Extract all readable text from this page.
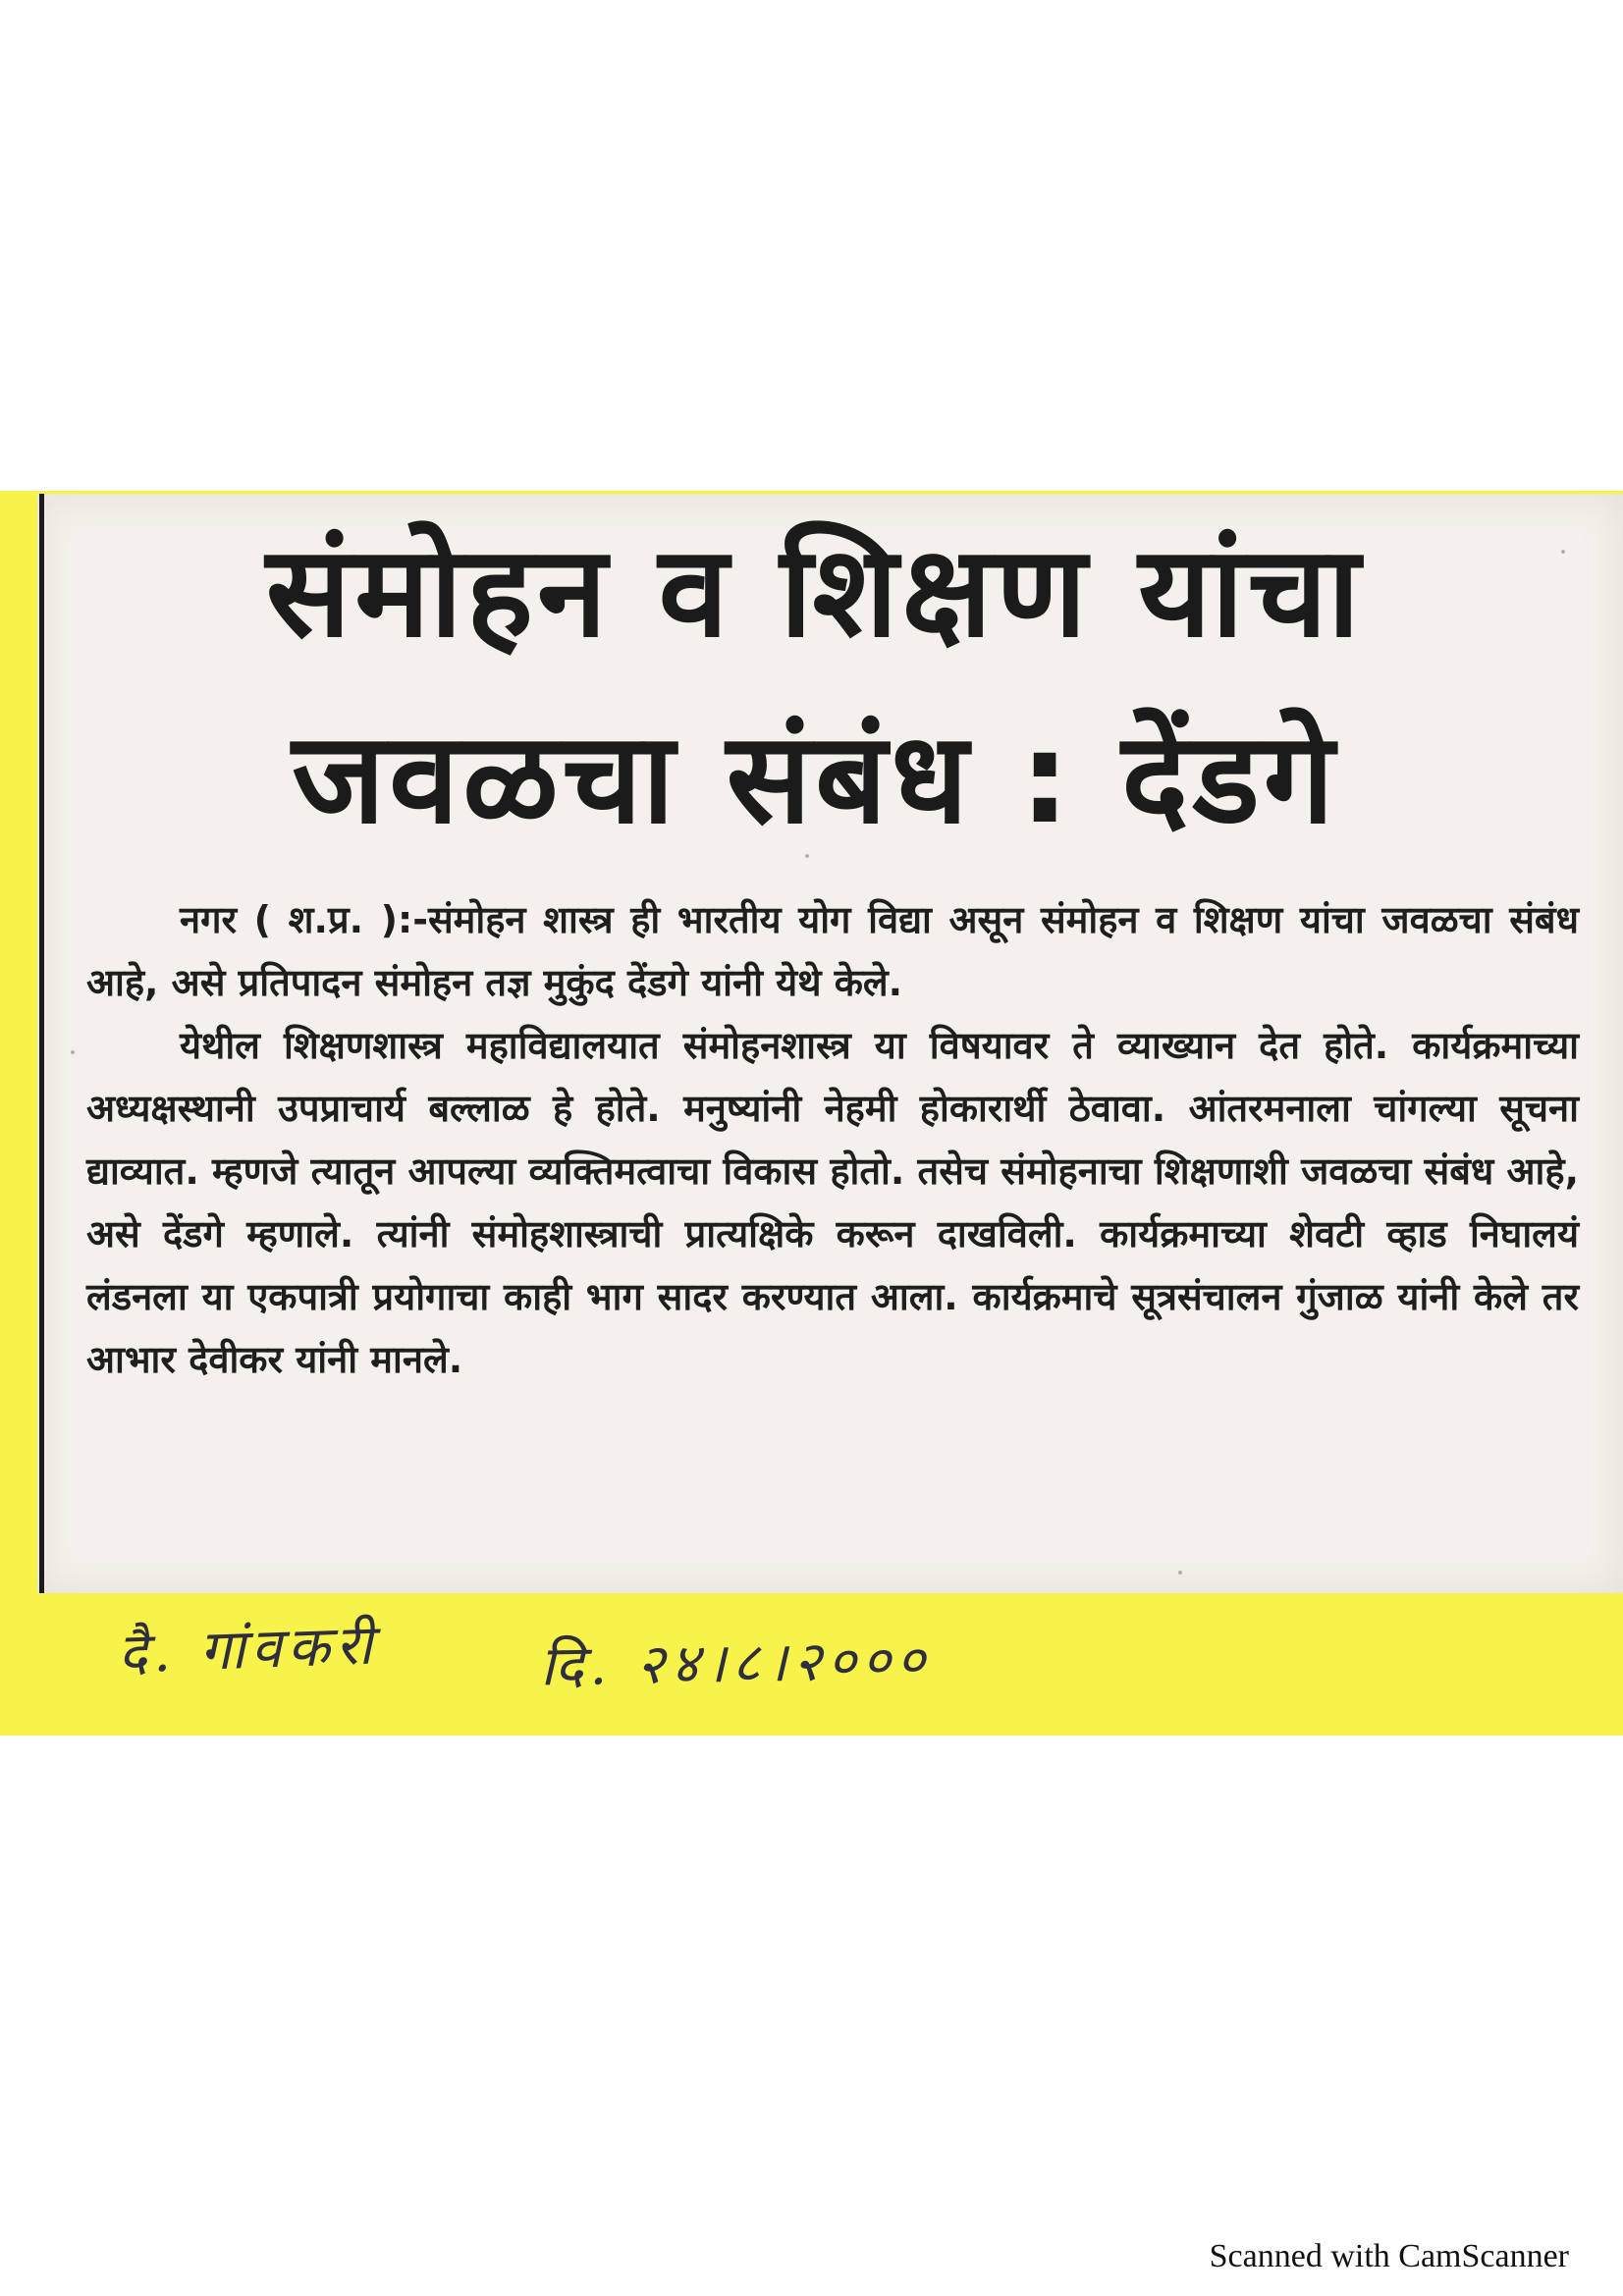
संमोहन व शिक्षण यांचा
जवळचा संबंध : देंडगे

नगर ( श.प्र. ):-संमोहन शास्त्र ही भारतीय योग विद्या असून संमोहन व शिक्षण यांचा जवळचा संबंध आहे, असे प्रतिपादन संमोहन तज्ञ मुकुंद देंडगे यांनी येथे केले.

येथील शिक्षणशास्त्र महाविद्यालयात संमोहनशास्त्र या विषयावर ते व्याख्यान देत होते. कार्यक्रमाच्या अध्यक्षस्थानी उपप्राचार्य बल्लाळ हे होते. मनुष्यांनी नेहमी होकारार्थी ठेवावा. आंतरमनाला चांगल्या सूचना द्याव्यात. म्हणजे त्यातून आपल्या व्यक्तिमत्वाचा विकास होतो. तसेच संमोहनाचा शिक्षणाशी जवळचा संबंध आहे, असे देंडगे म्हणाले. त्यांनी संमोहशास्त्राची प्रात्यक्षिके करून दाखविली. कार्यक्रमाच्या शेवटी व्हाड निघालयं लंडनला या एकपात्री प्रयोगाचा काही भाग सादर करण्यात आला. कार्यक्रमाचे सूत्रसंचालन गुंजाळ यांनी केले तर आभार देवीकर यांनी मानले.

दै. गांवकरी	दि. २४।८।२०००
Scanned with CamScanner
